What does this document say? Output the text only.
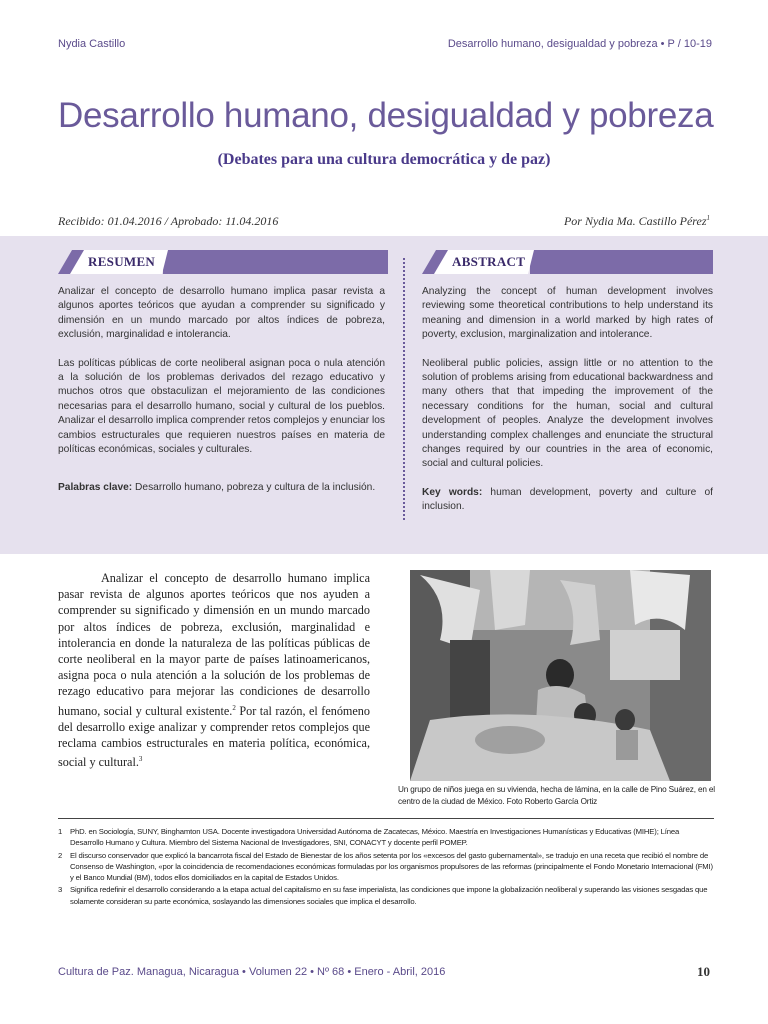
Nydia Castillo	Desarrollo humano, desigualdad y pobreza • P / 10-19
Desarrollo humano, desigualdad y pobreza
(Debates para una cultura democrática y de paz)
Recibido: 01.04.2016 / Aprobado: 11.04.2016	Por Nydia Ma. Castillo Pérez$^1$
RESUMEN	ABSTRACT

Analizar el concepto de desarrollo humano implica pasar revista a algunos aportes teóricos que ayudan a comprender su significado y dimensión en un mundo marcado por altos índices de pobreza, exclusión, marginalidad e intolerancia.

Las políticas públicas de corte neoliberal asignan poca o nula atención a la solución de los problemas derivados del rezago educativo y muchos otros que obstaculizan el mejoramiento de las condiciones necesarias para el desarrollo humano, social y cultural de los pueblos. Analizar el desarrollo implica comprender retos complejos y enunciar los cambios estructurales que requieren nuestros países en materia de políticas económicas, sociales y culturales.

Palabras clave: Desarrollo humano, pobreza y cultura de la inclusión.

Analyzing the concept of human development involves reviewing some theoretical contributions to help understand its meaning and dimension in a world marked by high rates of poverty, exclusion, marginalization and intolerance.

Neoliberal public policies, assign little or no attention to the solution of problems arising from educational backwardness and many others that that impeding the improvement of the necessary conditions for the human, social and cultural development of peoples. Analyze the development involves understanding complex challenges and enunciate the structural changes required by our countries in the area of economic, social and cultural policies.

Key words: human development, poverty and culture of inclusion.

Analizar el concepto de desarrollo humano implica pasar revista de algunos aportes teóricos que nos ayuden a comprender su significado y dimensión en un mundo marcado por altos índices de pobreza, exclusión, marginalidad e intolerancia en donde la naturaleza de las políticas públicas de corte neoliberal en la mayor parte de países latinoamericanos, asigna poca o nula atención a la solución de los problemas de rezago educativo para mejorar las condiciones de desarrollo humano, social y cultural existente.$^2$ Por tal razón, el fenómeno del desarrollo exige analizar y comprender retos complejos que reclama cambios estructurales en materia política, económica, social y cultural.$^3$

Un grupo de niños juega en su vivienda, hecha de lámina, en la calle de Pino Suárez, en el centro de la ciudad de México. Foto Roberto García Ortiz
1 PhD. en Sociología, SUNY, Binghamton USA. Docente investigadora Universidad Autónoma de Zacatecas, México. Maestría en Investigaciones Humanísticas y Educativas (MIHE); Línea Desarrollo Humano y Cultura. Miembro del Sistema Nacional de Investigadores, SNI, CONACYT y docente perfil POMEP.
2 El discurso conservador que explicó la bancarrota fiscal del Estado de Bienestar de los años setenta por los «excesos del gasto gubernamental», se tradujo en una receta que recibió el nombre de Consenso de Washington, «por la coincidencia de recomendaciones económicas formuladas por los organismos propulsores de las reformas (principalmente el Fondo Monetario Internacional (FMI) y el Banco Mundial (BM), todos ellos domiciliados en la capital de Estados Unidos.
3 Significa redefinir el desarrollo considerando a la etapa actual del capitalismo en su fase imperialista, las condiciones que impone la globalización neoliberal y superando las visiones sesgadas que solamente consideran su parte económica, soslayando las dimensiones sociales que implica el desarrollo.
Cultura de Paz. Managua, Nicaragua • Volumen 22 • Nº 68 • Enero - Abril, 2016	10
